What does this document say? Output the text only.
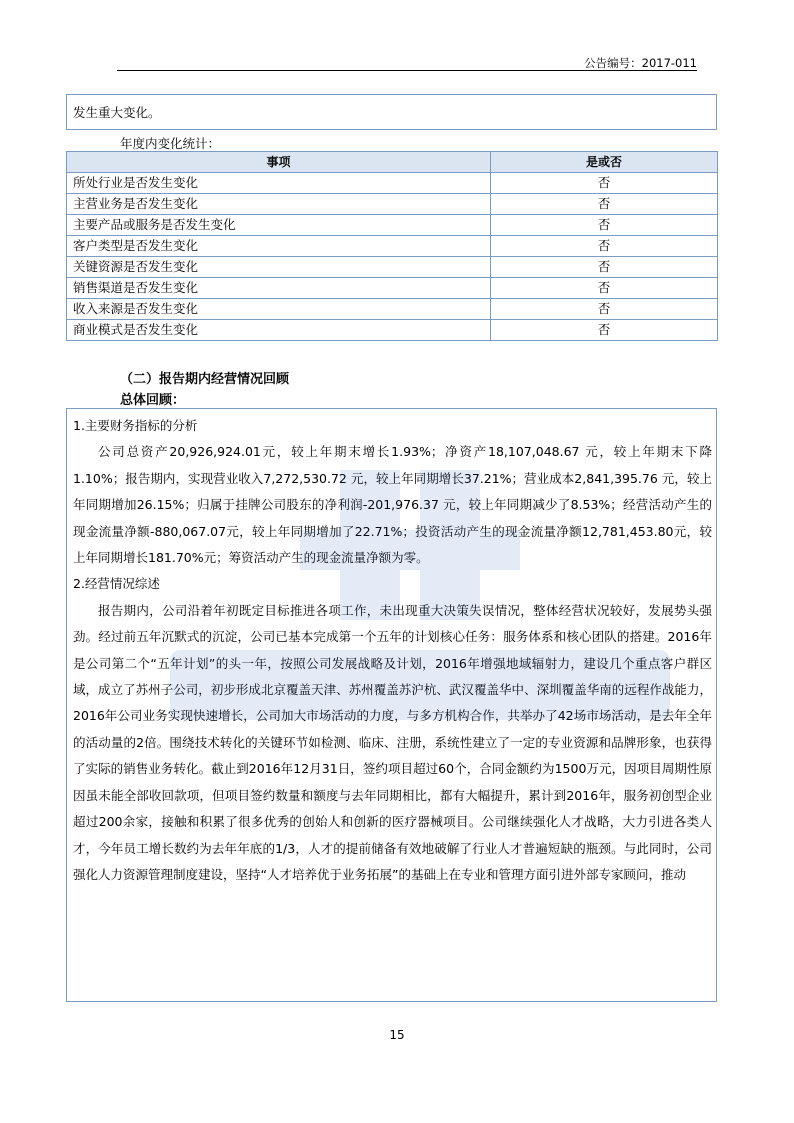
公告编号：2017-011
发生重大变化。
年度内变化统计：
事项	是或否
所处行业是否发生变化	否
主营业务是否发生变化	否
主要产品或服务是否发生变化	否
客户类型是否发生变化	否
关键资源是否发生变化	否
销售渠道是否发生变化	否
收入来源是否发生变化	否
商业模式是否发生变化	否
（二）报告期内经营情况回顾
总体回顾：

1.主要财务指标的分析

公司总资产20,926,924.01元，较上年期末增长1.93%；净资产18,107,048.67 元，较上年期末下降1.10%；报告期内，实现营业收入7,272,530.72 元，较上年同期增长37.21%；营业成本2,841,395.76 元，较上年同期增加26.15%；归属于挂牌公司股东的净利润-201,976.37 元，较上年同期减少了8.53%；经营活动产生的现金流量净额-880,067.07元，较上年同期增加了22.71%；投资活动产生的现金流量净额12,781,453.80元，较上年同期增长181.70%元；筹资活动产生的现金流量净额为零。

2.经营情况综述

报告期内，公司沿着年初既定目标推进各项工作，未出现重大决策失误情况，整体经营状况较好，发展势头强劲。经过前五年沉默式的沉淀，公司已基本完成第一个五年的计划核心任务：服务体系和核心团队的搭建。2016年是公司第二个“五年计划”的头一年，按照公司发展战略及计划，2016年增强地域辐射力，建设几个重点客户群区域，成立了苏州子公司，初步形成北京覆盖天津、苏州覆盖苏沪杭、武汉覆盖华中、深圳覆盖华南的远程作战能力，2016年公司业务实现快速增长，公司加大市场活动的力度，与多方机构合作，共举办了42场市场活动，是去年全年的活动量的2倍。围绕技术转化的关键环节如检测、临床、注册，系统性建立了一定的专业资源和品牌形象，也获得了实际的销售业务转化。截止到2016年12月31日，签约项目超过60个，合同金额约为1500万元，因项目周期性原因虽未能全部收回款项，但项目签约数量和额度与去年同期相比，都有大幅提升，累计到2016年，服务初创型企业超过200余家，接触和积累了很多优秀的创始人和创新的医疗器械项目。公司继续强化人才战略，大力引进各类人才，今年员工增长数约为去年年底的1/3，人才的提前储备有效地破解了行业人才普遍短缺的瓶颈。与此同时，公司强化人力资源管理制度建设，坚持“人才培养优于业务拓展”的基础上在专业和管理方面引进外部专家顾问，推动

15
